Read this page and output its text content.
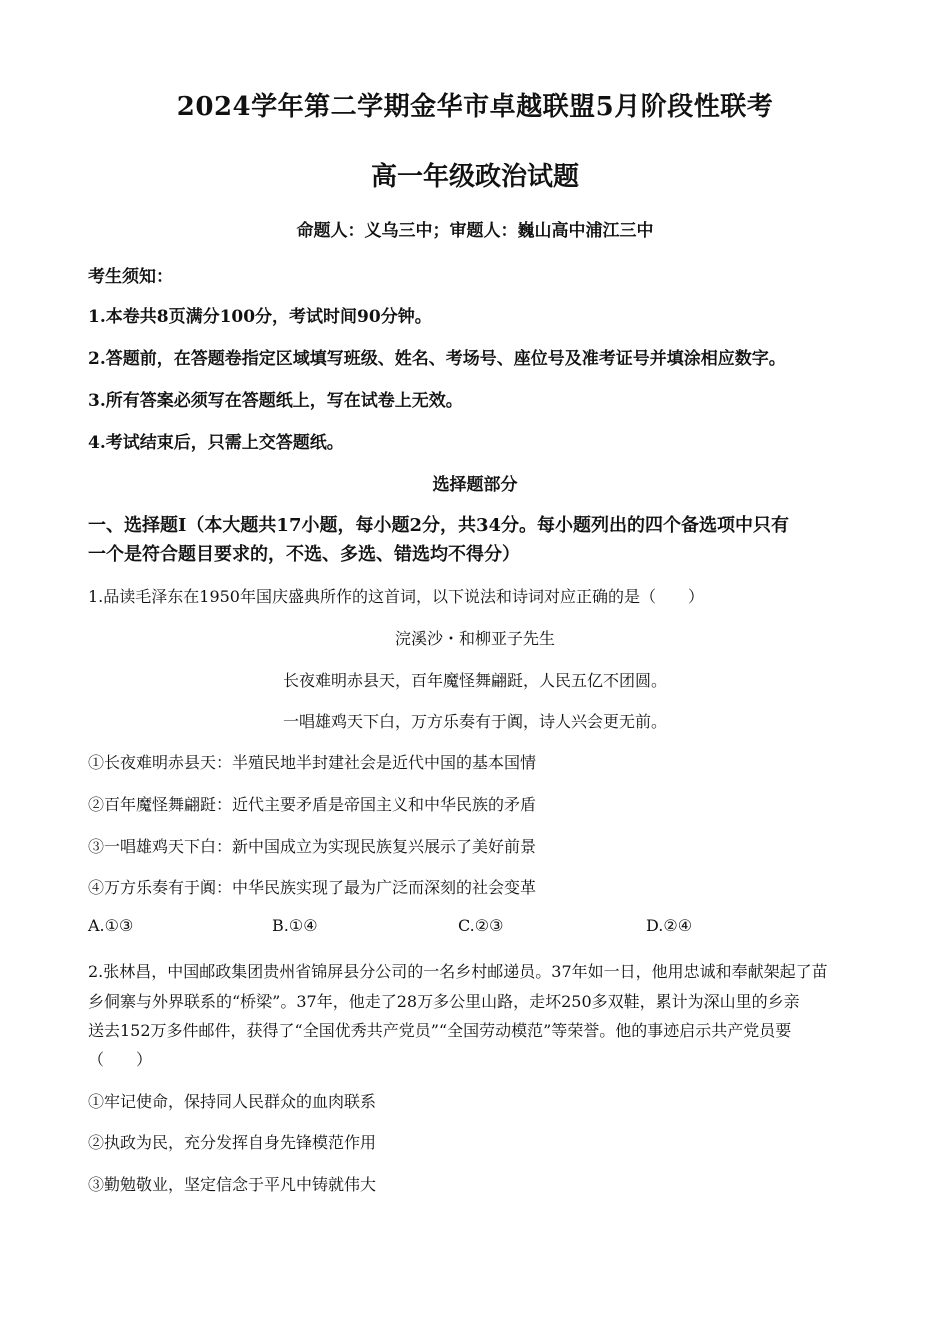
2024学年第二学期金华市卓越联盟5月阶段性联考
高一年级政治试题
命题人：义乌三中；审题人：巍山高中浦江三中
考生须知：
1.本卷共8页满分100分，考试时间90分钟。
2.答题前，在答题卷指定区域填写班级、姓名、考场号、座位号及准考证号并填涂相应数字。
3.所有答案必须写在答题纸上，写在试卷上无效。
4.考试结束后，只需上交答题纸。
选择题部分
一、选择题Ⅰ（本大题共17小题，每小题2分，共34分。每小题列出的四个备选项中只有
一个是符合题目要求的，不选、多选、错选均不得分）
1.品读毛泽东在1950年国庆盛典所作的这首词，以下说法和诗词对应正确的是（　　）
浣溪沙・和柳亚子先生
长夜难明赤县天，百年魔怪舞翩跹，人民五亿不团圆。
一唱雄鸡天下白，万方乐奏有于阗，诗人兴会更无前。
①长夜难明赤县天：半殖民地半封建社会是近代中国的基本国情
②百年魔怪舞翩跹：近代主要矛盾是帝国主义和中华民族的矛盾
③一唱雄鸡天下白：新中国成立为实现民族复兴展示了美好前景
④万方乐奏有于阗：中华民族实现了最为广泛而深刻的社会变革
A.①③	B.①④	C.②③	D.②④
2.张林昌，中国邮政集团贵州省锦屏县分公司的一名乡村邮递员。37年如一日，他用忠诚和奉献架起了苗
乡侗寨与外界联系的“桥梁”。37年，他走了28万多公里山路，走坏250多双鞋，累计为深山里的乡亲
送去152万多件邮件，获得了“全国优秀共产党员”“全国劳动模范”等荣誉。他的事迹启示共产党员要
（　　）
①牢记使命，保持同人民群众的血肉联系
②执政为民，充分发挥自身先锋模范作用
③勤勉敬业，坚定信念于平凡中铸就伟大
